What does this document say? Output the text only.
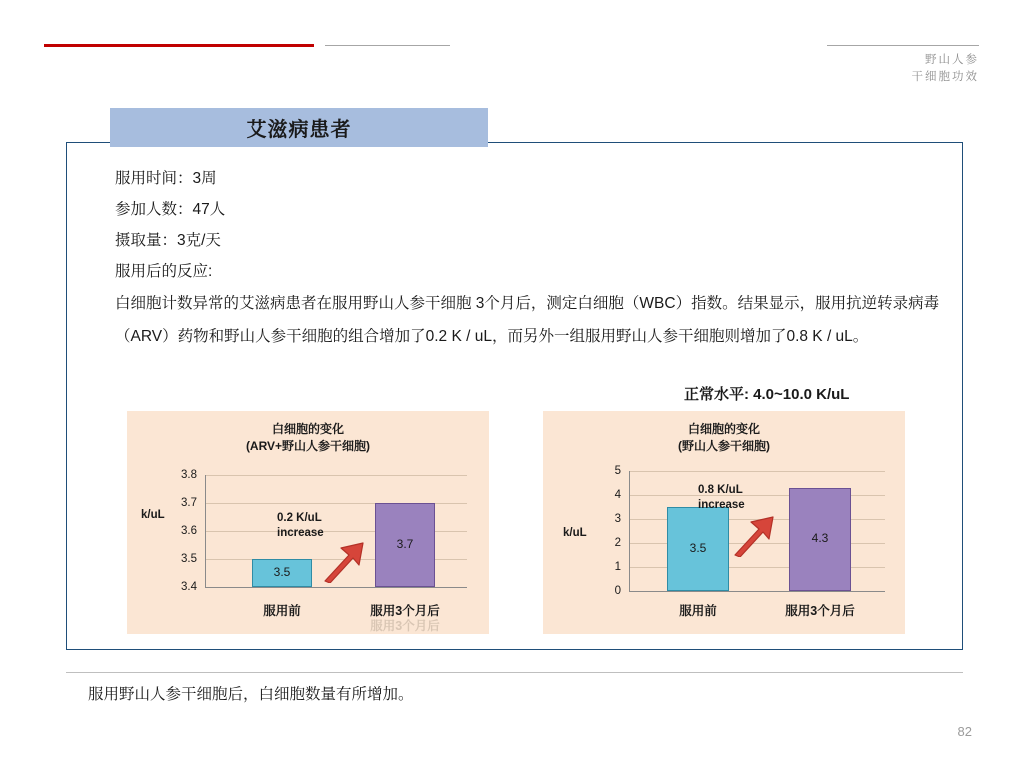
野山人参
干细胞功效
艾滋病患者
服用时间：3周
参加人数：47人
摄取量：3克/天
服用后的反应:
白细胞计数异常的艾滋病患者在服用野山人参干细胞 3个月后，测定白细胞（WBC）指数。结果显示，服用抗逆转录病毒（ARV）药物和野山人参干细胞的组合增加了0.2 K / uL，而另外一组服用野山人参干细胞则增加了0.8 K / uL。
正常水平: 4.0~10.0 K/uL
白细胞的变化
(ARV+野山人参干细胞)
k/uL
3.8
3.7
3.6
3.5
3.4
3.5
3.7
服用前	服用3个月后
服用3个月后
0.2 K/uL
increase
白细胞的变化
(野山人参干细胞)
k/uL
5
4
3
2
1
0
3.5
4.3
服用前	服用3个月后
0.8 K/uL
increase
服用野山人参干细胞后，白细胞数量有所增加。
82
